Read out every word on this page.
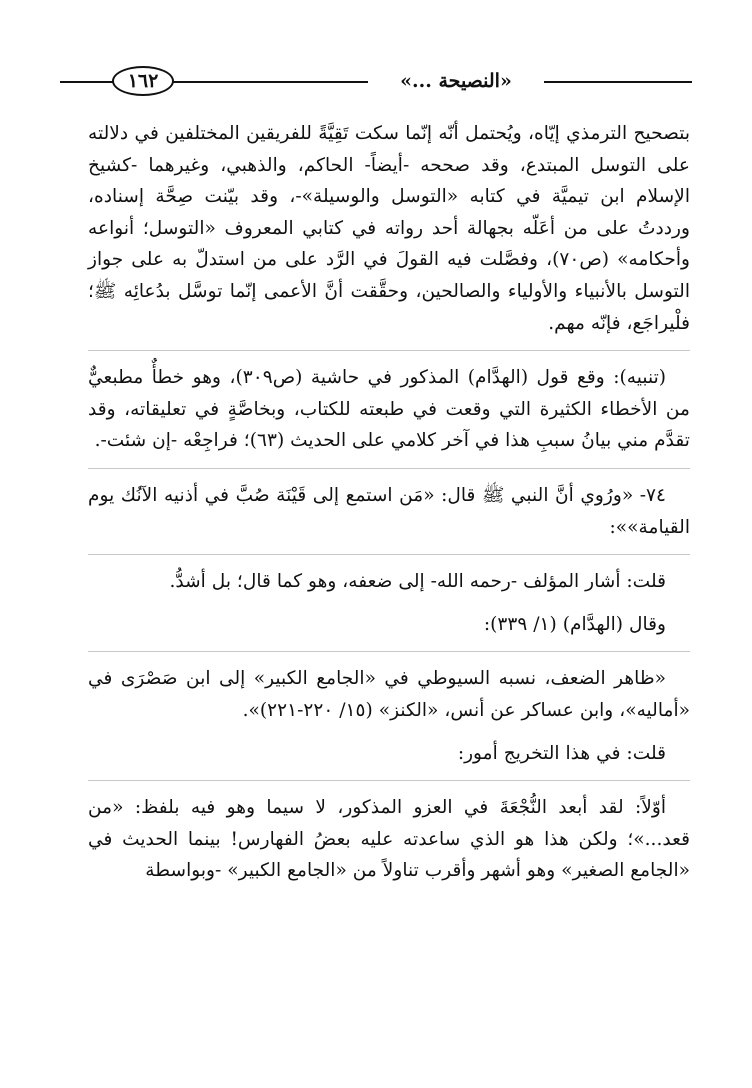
١٦٢	«النصيحة ...»

بتصحيح الترمذي إيّاه، ويُحتمل أنّه إنّما سكت تَقِيَّةً للفريقين المختلفين في دلالته على التوسل المبتدع، وقد صححه -أيضاً- الحاكم، والذهبي، وغيرهما -كشيخ الإسلام ابن تيميَّة في كتابه «التوسل والوسيلة»-، وقد بيّنت صِحَّة إسناده، ورددتُ على من أعَلّه بجهالة أحد رواته في كتابي المعروف «التوسل؛ أنواعه وأحكامه» (ص٧٠)، وفصَّلت فيه القولَ في الرَّد على من استدلّ به على جواز التوسل بالأنبياء والأولياء والصالحين، وحقَّقت أنَّ الأعمى إنّما توسَّل بدُعائِه ﷺ؛ فلْيراجَع، فإنّه مهم.

(تنبيه): وقع قول (الهدَّام) المذكور في حاشية (ص٣٠٩)، وهو خطأٌ مطبعيٌّ من الأخطاء الكثيرة التي وقعت في طبعته للكتاب، وبخاصَّةٍ في تعليقاته، وقد تقدَّم مني بيانُ سببِ هذا في آخر كلامي على الحديث (٦٣)؛ فراجِعْه -إن شئت-.

٧٤- «ورُوي أنَّ النبي ﷺ قال: «مَن استمع إلى قَيْنَة صُبَّ في أذنيه الآنُك يوم القيامة»»:

قلت: أشار المؤلف -رحمه الله- إلى ضعفه، وهو كما قال؛ بل أشدُّ.

وقال (الهدَّام) (١/ ٣٣٩):

«ظاهر الضعف، نسبه السيوطي في «الجامع الكبير» إلى ابن صَصْرَى في «أماليه»، وابن عساكر عن أنس، «الكنز» (١٥/ ٢٢٠-٢٢١)».

قلت: في هذا التخريج أمور:

أوّلاً: لقد أبعد النُّجْعَةَ في العزو المذكور، لا سيما وهو فيه بلفظ: «من قعد...»؛ ولكن هذا هو الذي ساعدته عليه بعضُ الفهارس! بينما الحديث في «الجامع الصغير» وهو أشهر وأقرب تناولاً من «الجامع الكبير» -وبواسطة
